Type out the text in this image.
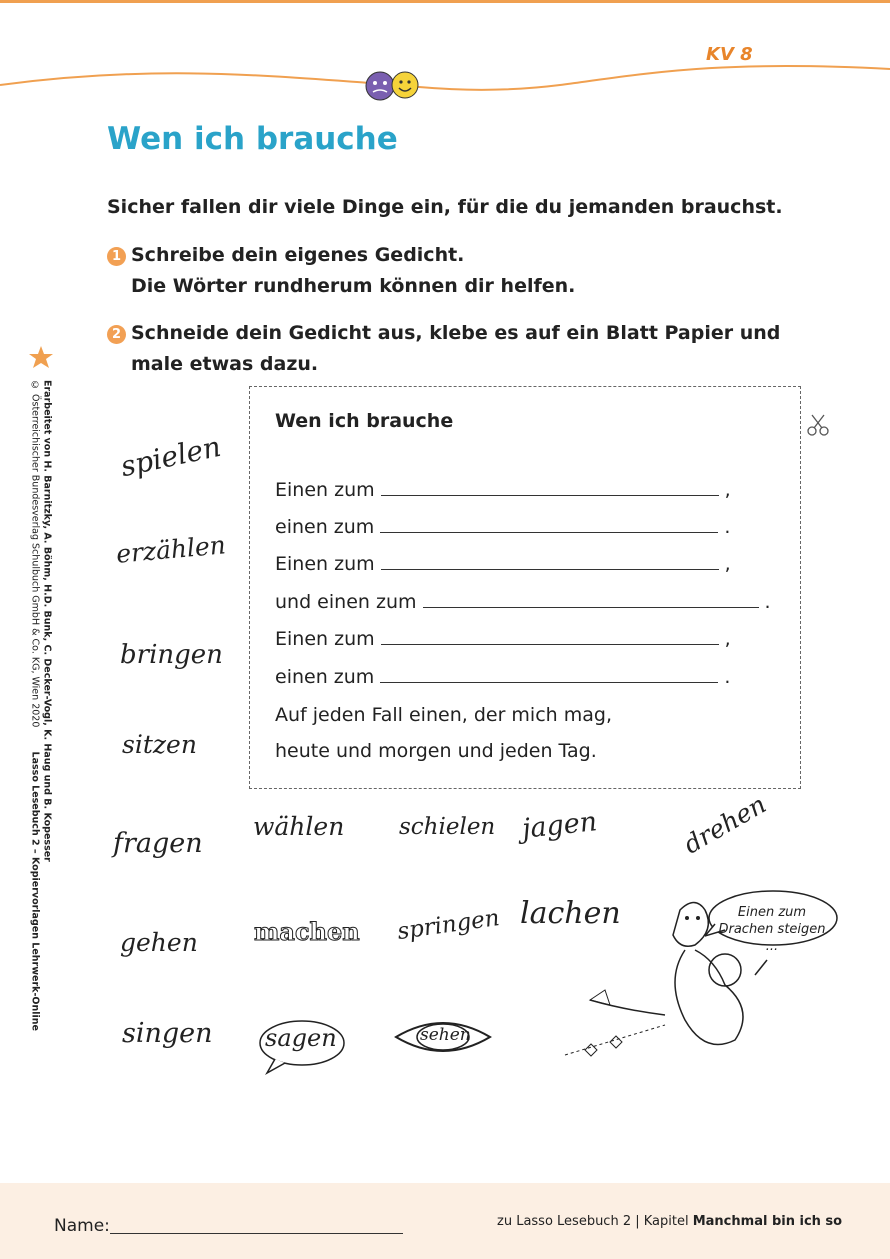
KV 8
Wen ich brauche
Sicher fallen dir viele Dinge ein, für die du jemanden brauchst.
1 Schreibe dein eigenes Gedicht.
Die Wörter rundherum können dir helfen.
2 Schneide dein Gedicht aus, klebe es auf ein Blatt Papier und
male etwas dazu.
© Österreichischer Bundesverlag Schulbuch GmbH & Co. KG, Wien 2020        Lasso Lesebuch 2 – Kopiervorlagen Lehrwerk-Online
Erarbeitet von H. Barnitzky, A. Böhm, H.D. Bunk, C. Decker-Vogl, K. Haug und B. Kopesser	Wen ich brauche
Einen zum	,
einen zum	.
Einen zum	,
und einen zum	.
Einen zum	,
einen zum	.
Auf jeden Fall einen, der mich mag,
heute und morgen und jeden Tag.
spielen
erzählen
bringen
sitzen
fragen
wählen schielen jagen	drehen
gehen machen springen lachen
singen sagen	sehen
Einen zum
Drachen steigen ...
Name:	zu Lasso Lesebuch 2 | Kapitel Manchmal bin ich so
